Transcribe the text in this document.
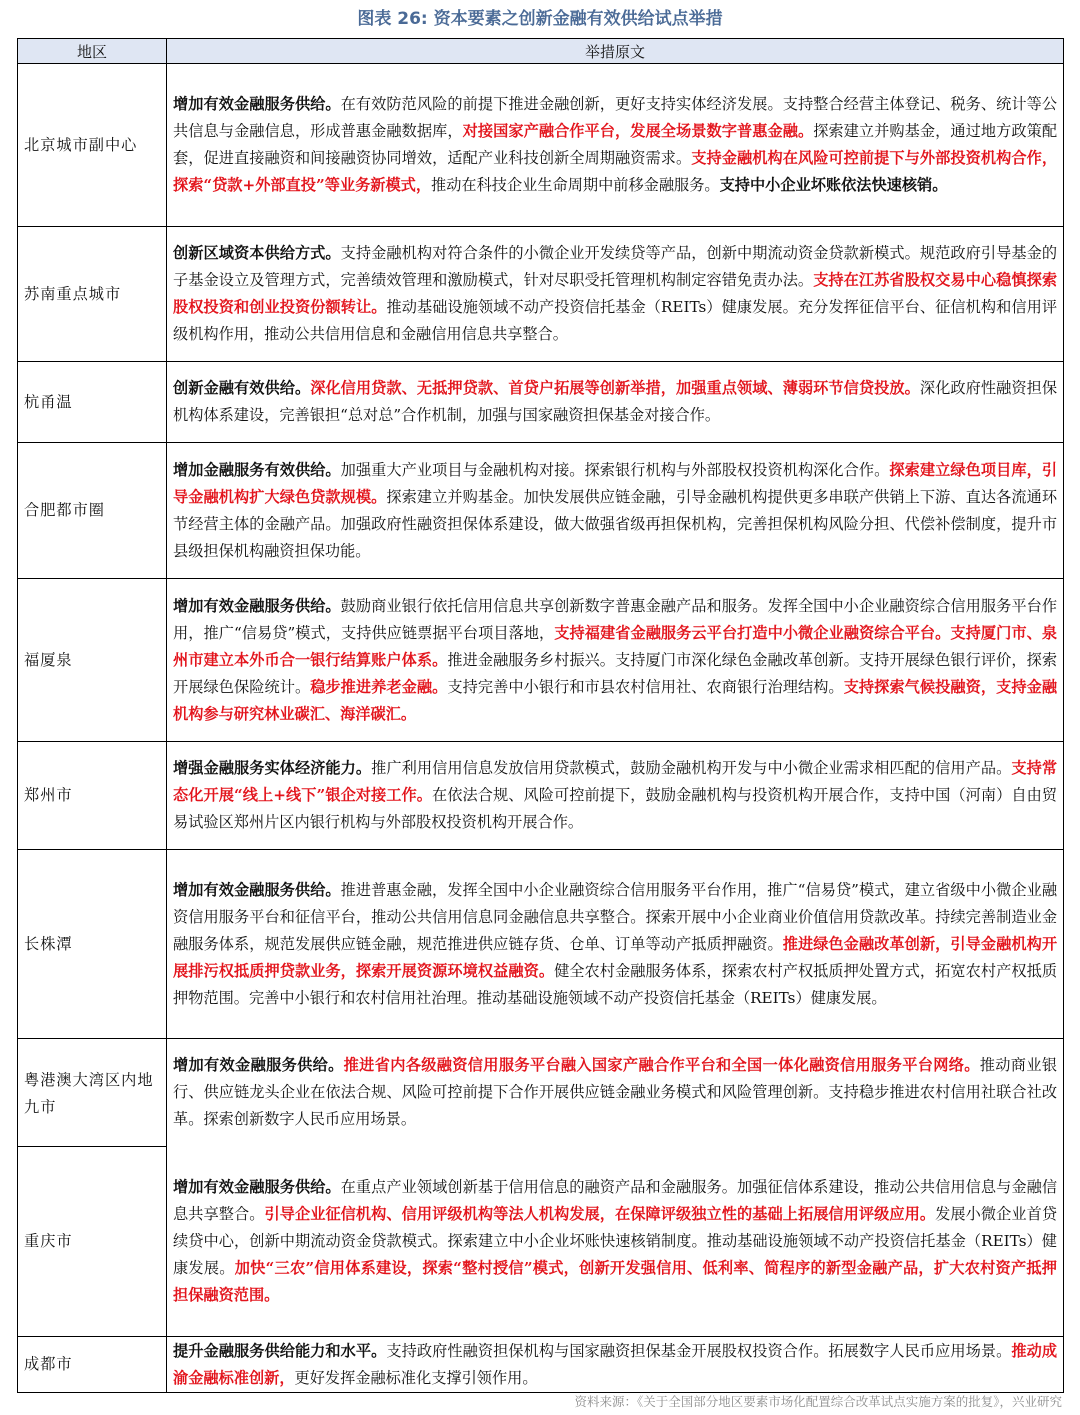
图表 26: 资本要素之创新金融有效供给试点举措
地区	举措原文
北京城市副中心	增加有效金融服务供给。在有效防范风险的前提下推进金融创新，更好支持实体经济发展。支持整合经营主体登记、税务、统计等公共信息与金融信息，形成普惠金融数据库，对接国家产融合作平台，发展全场景数字普惠金融。探索建立并购基金，通过地方政策配套，促进直接融资和间接融资协同增效，适配产业科技创新全周期融资需求。支持金融机构在风险可控前提下与外部投资机构合作，探索“贷款+外部直投”等业务新模式，推动在科技企业生命周期中前移金融服务。支持中小企业坏账依法快速核销。

苏南重点城市	创新区域资本供给方式。支持金融机构对符合条件的小微企业开发续贷等产品，创新中期流动资金贷款新模式。规范政府引导基金的子基金设立及管理方式，完善绩效管理和激励模式，针对尽职受托管理机构制定容错免责办法。支持在江苏省股权交易中心稳慎探索股权投资和创业投资份额转让。推动基础设施领域不动产投资信托基金（REITs）健康发展。充分发挥征信平台、征信机构和信用评级机构作用，推动公共信用信息和金融信用信息共享整合。

杭甬温	创新金融有效供给。深化信用贷款、无抵押贷款、首贷户拓展等创新举措，加强重点领域、薄弱环节信贷投放。深化政府性融资担保机构体系建设，完善银担“总对总”合作机制，加强与国家融资担保基金对接合作。

合肥都市圈	增加金融服务有效供给。加强重大产业项目与金融机构对接。探索银行机构与外部股权投资机构深化合作。探索建立绿色项目库，引导金融机构扩大绿色贷款规模。探索建立并购基金。加快发展供应链金融，引导金融机构提供更多串联产供销上下游、直达各流通环节经营主体的金融产品。加强政府性融资担保体系建设，做大做强省级再担保机构，完善担保机构风险分担、代偿补偿制度，提升市县级担保机构融资担保功能。

福厦泉	增加有效金融服务供给。鼓励商业银行依托信用信息共享创新数字普惠金融产品和服务。发挥全国中小企业融资综合信用服务平台作用，推广“信易贷”模式，支持供应链票据平台项目落地，支持福建省金融服务云平台打造中小微企业融资综合平台。支持厦门市、泉州市建立本外币合一银行结算账户体系。推进金融服务乡村振兴。支持厦门市深化绿色金融改革创新。支持开展绿色银行评价，探索开展绿色保险统计。稳步推进养老金融。支持完善中小银行和市县农村信用社、农商银行治理结构。支持探索气候投融资，支持金融机构参与研究林业碳汇、海洋碳汇。

郑州市	增强金融服务实体经济能力。推广利用信用信息发放信用贷款模式，鼓励金融机构开发与中小微企业需求相匹配的信用产品。支持常态化开展“线上+线下”银企对接工作。在依法合规、风险可控前提下，鼓励金融机构与投资机构开展合作，支持中国（河南）自由贸易试验区郑州片区内银行机构与外部股权投资机构开展合作。

长株潭	增加有效金融服务供给。推进普惠金融，发挥全国中小企业融资综合信用服务平台作用，推广“信易贷”模式，建立省级中小微企业融资信用服务平台和征信平台，推动公共信用信息同金融信息共享整合。探索开展中小企业商业价值信用贷款改革。持续完善制造业金融服务体系，规范发展供应链金融，规范推进供应链存货、仓单、订单等动产抵质押融资。推进绿色金融改革创新，引导金融机构开展排污权抵质押贷款业务，探索开展资源环境权益融资。健全农村金融服务体系，探索农村产权抵质押处置方式，拓宽农村产权抵质押物范围。完善中小银行和农村信用社治理。推动基础设施领域不动产投资信托基金（REITs）健康发展。

粤港澳大湾区内地九市	增加有效金融服务供给。推进省内各级融资信用服务平台融入国家产融合作平台和全国一体化融资信用服务平台网络。推动商业银行、供应链龙头企业在依法合规、风险可控前提下合作开展供应链金融业务模式和风险管理创新。支持稳步推进农村信用社联合社改革。探索创新数字人民币应用场景。

重庆市	增加有效金融服务供给。在重点产业领域创新基于信用信息的融资产品和金融服务。加强征信体系建设，推动公共信用信息与金融信息共享整合。引导企业征信机构、信用评级机构等法人机构发展，在保障评级独立性的基础上拓展信用评级应用。发展小微企业首贷续贷中心，创新中期流动资金贷款模式。探索建立中小企业坏账快速核销制度。推动基础设施领域不动产投资信托基金（REITs）健康发展。加快“三农”信用体系建设，探索“整村授信”模式，创新开发强信用、低利率、简程序的新型金融产品，扩大农村资产抵押担保融资范围。

成都市	提升金融服务供给能力和水平。支持政府性融资担保机构与国家融资担保基金开展股权投资合作。拓展数字人民币应用场景。推动成渝金融标准创新，更好发挥金融标准化支撑引领作用。

资料来源：《关于全国部分地区要素市场化配置综合改革试点实施方案的批复》，兴业研究
